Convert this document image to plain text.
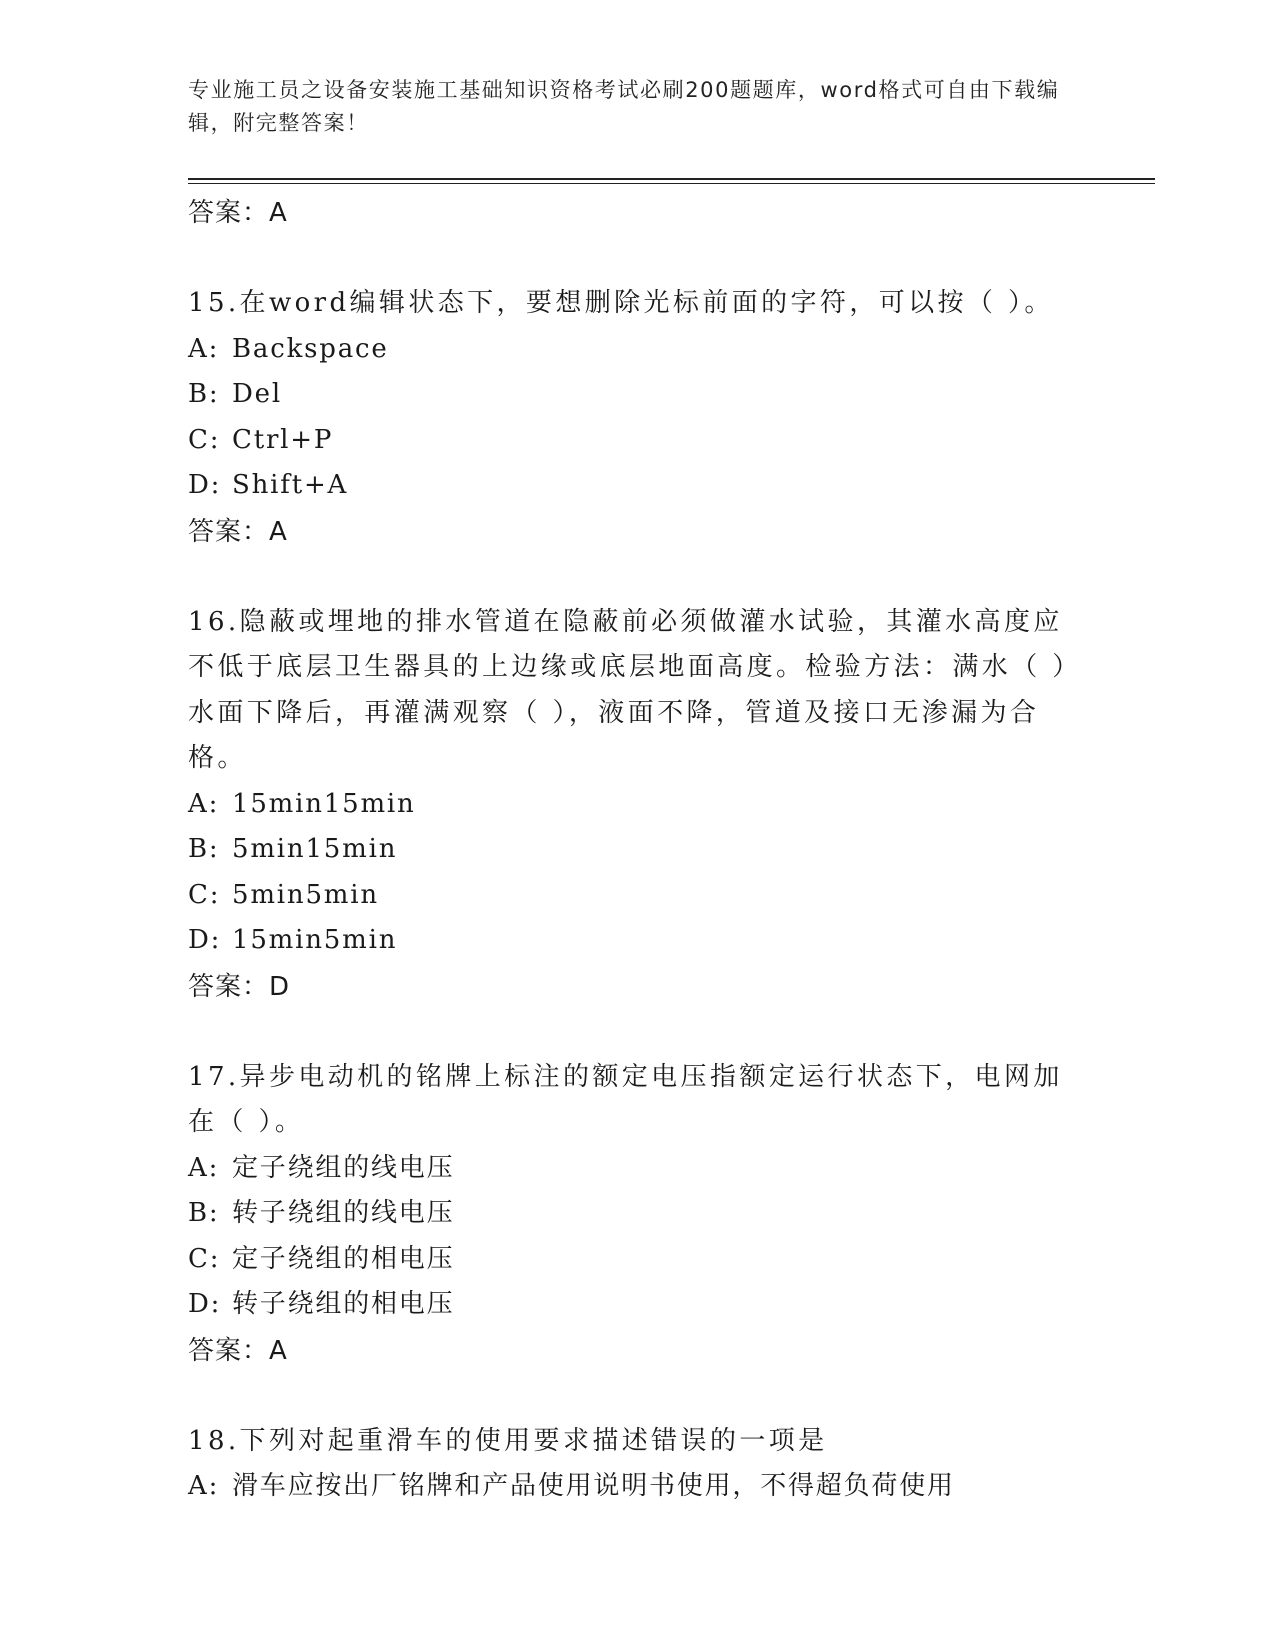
专业施工员之设备安装施工基础知识资格考试必刷200题题库，word格式可自由下载编辑，附完整答案！

答案：A

15.在word编辑状态下，要想删除光标前面的字符，可以按（ ）。

A: Backspace

B: Del

C: Ctrl+P

D: Shift+A

答案：A

16.隐蔽或埋地的排水管道在隐蔽前必须做灌水试验，其灌水高度应不低于底层卫生器具的上边缘或底层地面高度。检验方法：满水（ ）水面下降后，再灌满观察（ ），液面不降，管道及接口无渗漏为合格。

A: 15min15min

B: 5min15min

C: 5min5min

D: 15min5min

答案：D

17.异步电动机的铭牌上标注的额定电压指额定运行状态下，电网加在（ ）。

A: 定子绕组的线电压

B: 转子绕组的线电压

C: 定子绕组的相电压

D: 转子绕组的相电压

答案：A

18.下列对起重滑车的使用要求描述错误的一项是

A: 滑车应按出厂铭牌和产品使用说明书使用，不得超负荷使用
